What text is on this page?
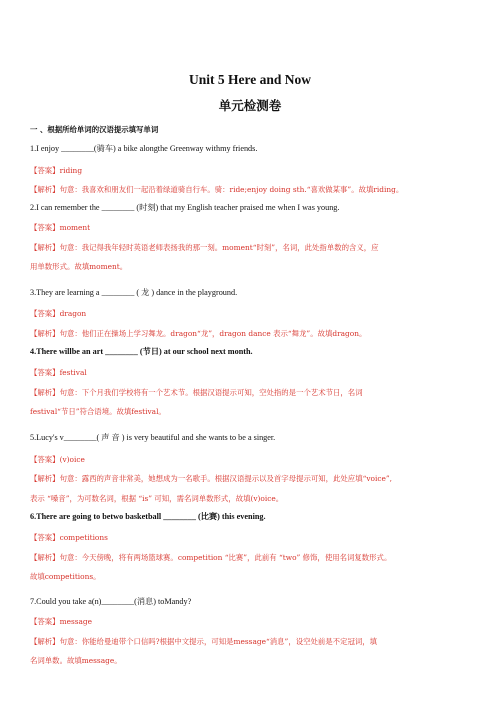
Unit 5 Here and Now
单元检测卷
一 、根据所给单词的汉语提示填写单词
1.I enjoy ________(骑车) a bike alongthe Greenway withmy friends.
【答案】riding
【解析】句意：我喜欢和朋友们一起沿着绿道骑自行车。骑：ride;enjoy doing sth.“喜欢做某事”。故填riding。
2.I can remember the ________ (时刻) that my English teacher praised me when I was young.
【答案】moment
【解析】句意：我记得我年轻时英语老师表扬我的那一刻。moment“时刻”，名词，此处指单数的含义，应
用单数形式。故填moment。
3.They are learning a ________ ( 龙 ) dance in the playground.
【答案】dragon
【解析】句意：他们正在操场上学习舞龙。dragon“龙”，dragon dance 表示“舞龙”。故填dragon。
4.There willbe an art ________ (节日) at our school next month.
【答案】festival
【解析】句意：下个月我们学校将有一个艺术节。根据汉语提示可知，空处指的是一个艺术节日，名词
festival“节日”符合语境。故填festival。
5.Lucy's v________( 声 音 ) is very beautiful and she wants to be a singer.
【答案】(v)oice
【解析】句意：露西的声音非常美，她想成为一名歌手。根据汉语提示以及首字母提示可知，此处应填“voice”,
表示 “嗓音”，为可数名词，根据 “is” 可知，需名词单数形式，故填(v)oice。
6.There are going to betwo basketball ________ (比赛) this evening.
【答案】competitions
【解析】句意：今天傍晚，将有两场篮球赛。competition “比赛”，此前有 “two” 修饰，使用名词复数形式。
故填competitions。
7.Could you take a(n)________(消息) toMandy?
【答案】message
【解析】句意：你能给曼迪带个口信吗?根据中文提示，可知是message“消息”，设空处前是不定冠词，填
名词单数。故填message。
